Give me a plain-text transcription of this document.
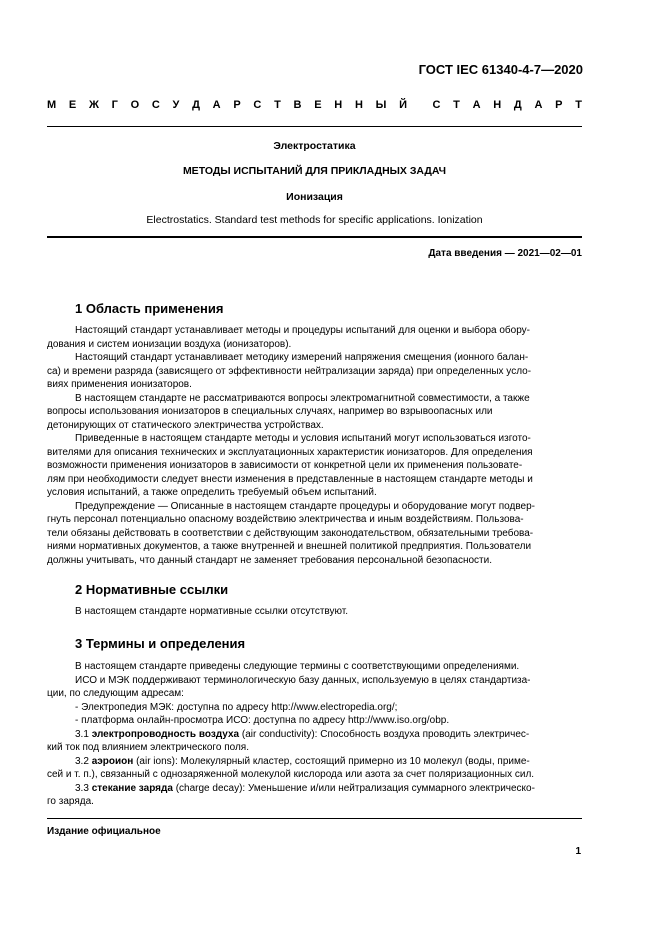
ГОСТ IEC 61340-4-7—2020
М Е Ж Г О С У Д А Р С Т В Е Н Н Ы Й С Т А Н Д А Р Т
Электростатика
МЕТОДЫ ИСПЫТАНИЙ ДЛЯ ПРИКЛАДНЫХ ЗАДАЧ
Ионизация
Electrostatics. Standard test methods for specific applications. Ionization
Дата введения — 2021—02—01
1 Область применения
Настоящий стандарт устанавливает методы и процедуры испытаний для оценки и выбора обору-
дования и систем ионизации воздуха (ионизаторов).
Настоящий стандарт устанавливает методику измерений напряжения смещения (ионного балан-
са) и времени разряда (зависящего от эффективности нейтрализации заряда) при определенных усло-
виях применения ионизаторов.
В настоящем стандарте не рассматриваются вопросы электромагнитной совместимости, а также
вопросы использования ионизаторов в специальных случаях, например во взрывоопасных или
детонирующих от статического электричества устройствах.
Приведенные в настоящем стандарте методы и условия испытаний могут использоваться изгото-
вителями для описания технических и эксплуатационных характеристик ионизаторов. Для определения
возможности применения ионизаторов в зависимости от конкретной цели их применения пользовате-
лям при необходимости следует внести изменения в представленные в настоящем стандарте методы и
условия испытаний, а также определить требуемый объем испытаний.
Предупреждение — Описанные в настоящем стандарте процедуры и оборудование могут подвер-
гнуть персонал потенциально опасному воздействию электричества и иным воздействиям. Пользова-
тели обязаны действовать в соответствии с действующим законодательством, обязательными требова-
ниями нормативных документов, а также внутренней и внешней политикой предприятия. Пользователи
должны учитывать, что данный стандарт не заменяет требования персональной безопасности.
2 Нормативные ссылки
В настоящем стандарте нормативные ссылки отсутствуют.
3 Термины и определения
В настоящем стандарте приведены следующие термины с соответствующими определениями.
ИСО и МЭК поддерживают терминологическую базу данных, используемую в целях стандартиза-
ции, по следующим адресам:
- Электропедия МЭК: доступна по адресу http://www.electropedia.org/;
- платформа онлайн-просмотра ИСО: доступна по адресу http://www.iso.org/obp.
3.1 электропроводность воздуха (air conductivity): Способность воздуха проводить электричес-
кий ток под влиянием электрического поля.
3.2 аэроион (air ions): Молекулярный кластер, состоящий примерно из 10 молекул (воды, приме-
сей и т. п.), связанный с однозаряженной молекулой кислорода или азота за счет поляризационных сил.
3.3 стекание заряда (charge decay): Уменьшение и/или нейтрализация суммарного электрическо-
го заряда.
Издание официальное
1
